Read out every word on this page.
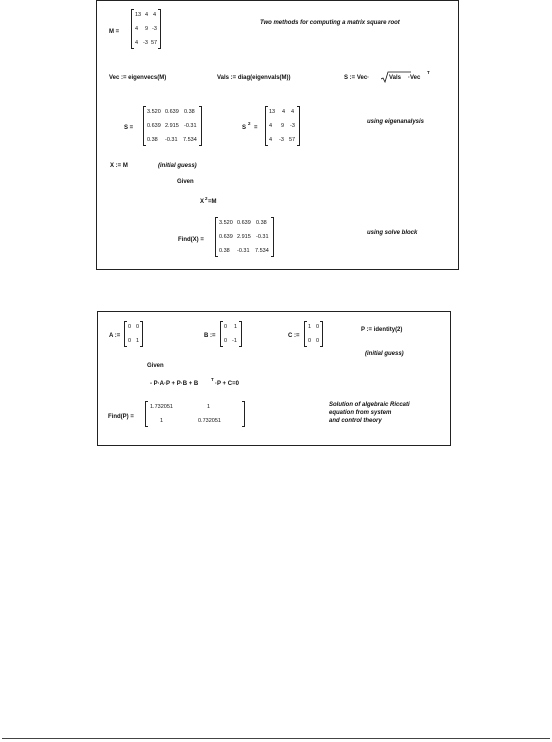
M =
13 4 4
4 9 -3
4 -3 57
Two methods for computing a matrix square root
Vec := eigenvecs(M)	Vals := diag(eigenvals(M))	S := Vec·	Vals ·Vec
T
S =
3.520 0.639 0.38
0.639 2.915 -0.31
0.38 -0.31 7.534
S
2
=
13 4 4
4 9 -3
4 -3 57
using eigenanalysis
X := M	(initial guess)
Given
X
2
=M
Find(X) =
3.520 0.639 0.38
0.639 2.915 -0.31
0.38 -0.31 7.534
using solve block
A :=
0 0
0 1
B :=
0 1
0 -1
C :=
1 0
0 0
P := identity(2)
(initial guess)
Given
- P·A·P + P·B + B
T
·P + C=0
Find(P) =
1.732051	1
1	0.732051
Solution of algebraic Riccati
equation from system
and control theory
